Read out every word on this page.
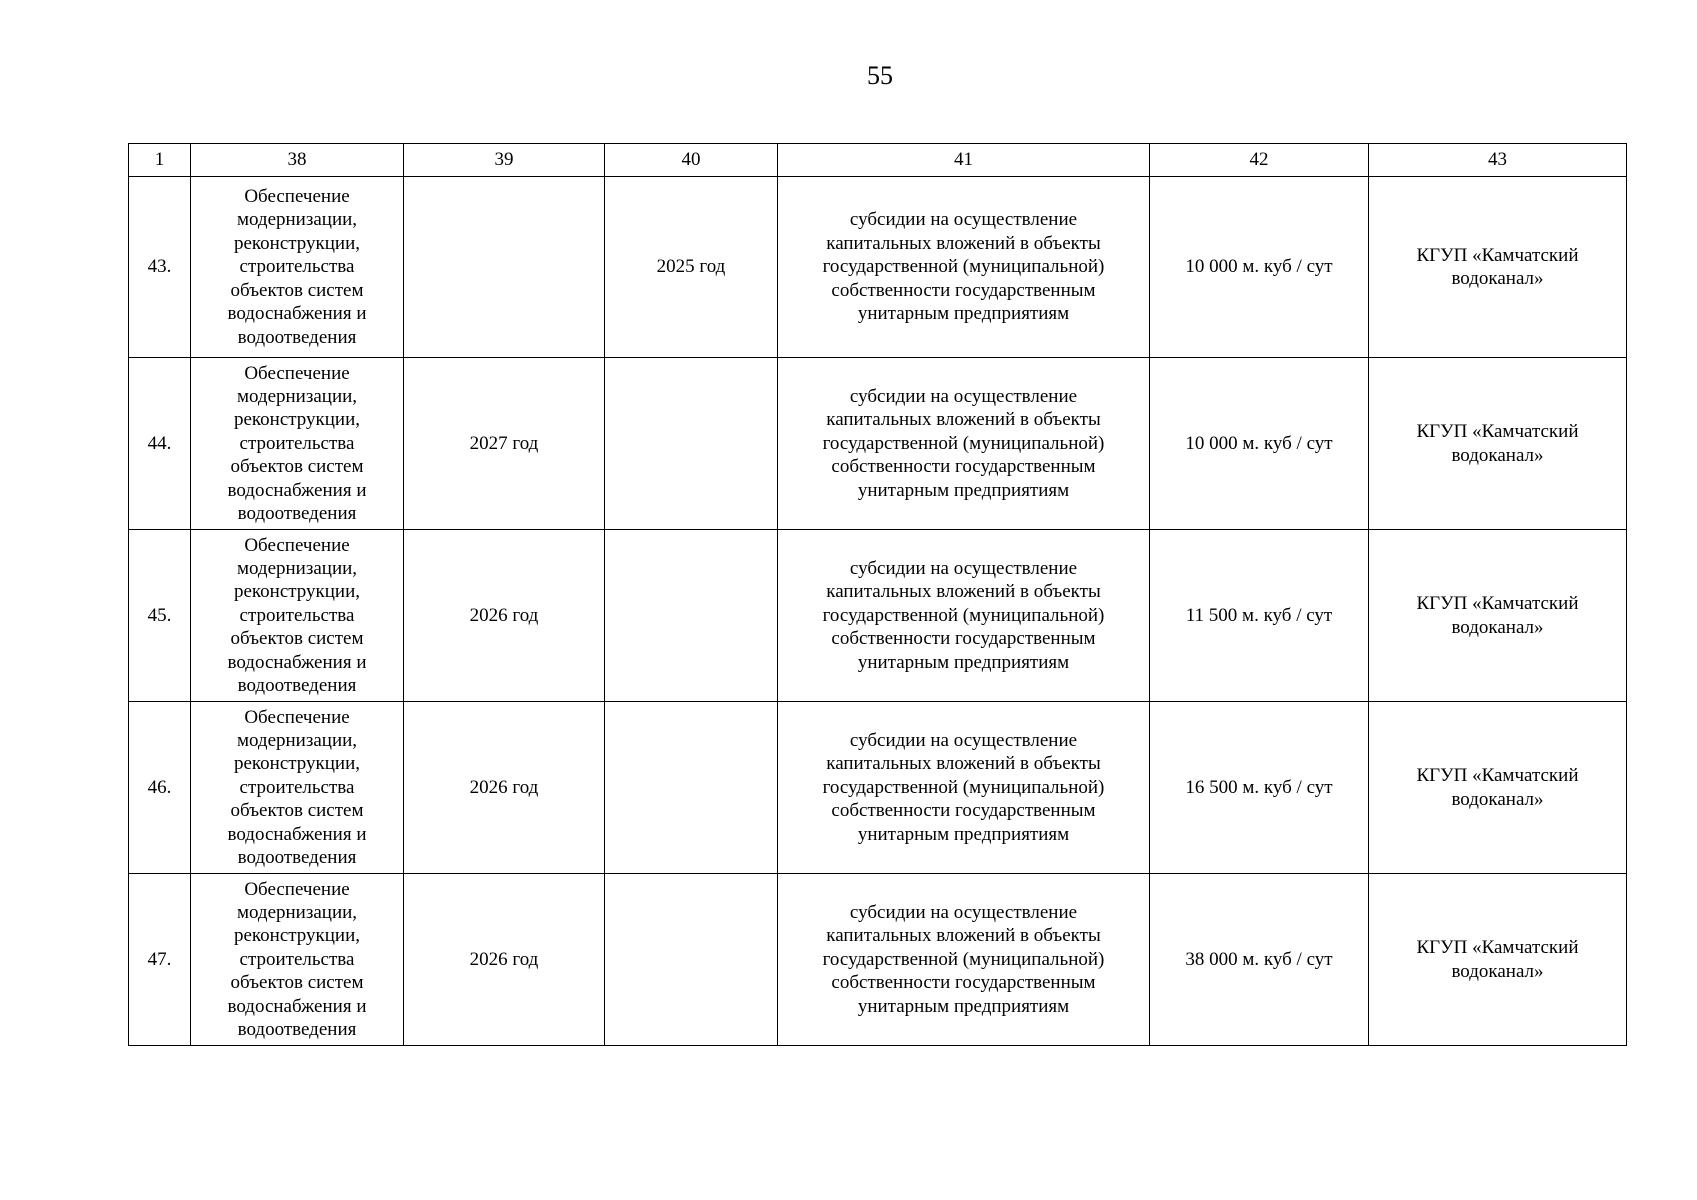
55
1	38	39	40	41	42	43
43.	Обеспечение модернизации, реконструкции, строительства объектов систем водоснабжения и водоотведения		2025 год	субсидии на осуществление капитальных вложений в объекты государственной (муниципальной) собственности государственным унитарным предприятиям	10 000 м. куб / сут	КГУП «Камчатский водоканал»

44.	Обеспечение модернизации, реконструкции, строительства объектов систем водоснабжения и водоотведения	2027 год		субсидии на осуществление капитальных вложений в объекты государственной (муниципальной) собственности государственным унитарным предприятиям	10 000 м. куб / сут	КГУП «Камчатский водоканал»

45.	Обеспечение модернизации, реконструкции, строительства объектов систем водоснабжения и водоотведения	2026 год		субсидии на осуществление капитальных вложений в объекты государственной (муниципальной) собственности государственным унитарным предприятиям	11 500 м. куб / сут	КГУП «Камчатский водоканал»

46.	Обеспечение модернизации, реконструкции, строительства объектов систем водоснабжения и водоотведения	2026 год		субсидии на осуществление капитальных вложений в объекты государственной (муниципальной) собственности государственным унитарным предприятиям	16 500 м. куб / сут	КГУП «Камчатский водоканал»

47.	Обеспечение модернизации, реконструкции, строительства объектов систем водоснабжения и водоотведения	2026 год		субсидии на осуществление капитальных вложений в объекты государственной (муниципальной) собственности государственным унитарным предприятиям	38 000 м. куб / сут	КГУП «Камчатский водоканал»
